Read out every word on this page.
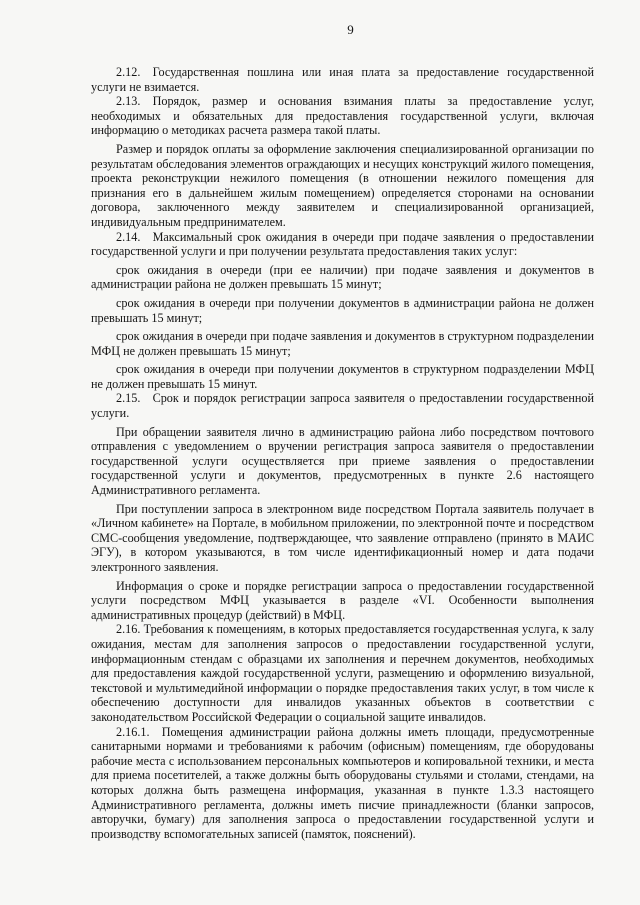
9

2.12. Государственная пошлина или иная плата за предоставление государственной услуги не взимается.

2.13. Порядок, размер и основания взимания платы за предоставление услуг, необходимых и обязательных для предоставления государственной услуги, включая информацию о методиках расчета размера такой платы.

Размер и порядок оплаты за оформление заключения специализированной организации по результатам обследования элементов ограждающих и несущих конструкций жилого помещения, проекта реконструкции нежилого помещения (в отношении нежилого помещения для признания его в дальнейшем жилым помещением) определяется сторонами на основании договора, заключенного между заявителем и специализированной организацией, индивидуальным предпринимателем.

2.14. Максимальный срок ожидания в очереди при подаче заявления о предоставлении государственной услуги и при получении результата предоставления таких услуг:

срок ожидания в очереди (при ее наличии) при подаче заявления и документов в администрации района не должен превышать 15 минут;

срок ожидания в очереди при получении документов в администрации района не должен превышать 15 минут;

срок ожидания в очереди при подаче заявления и документов в структурном подразделении МФЦ не должен превышать 15 минут;

срок ожидания в очереди при получении документов в структурном подразделении МФЦ не должен превышать 15 минут.

2.15. Срок и порядок регистрации запроса заявителя о предоставлении государственной услуги.

При обращении заявителя лично в администрацию района либо посредством почтового отправления с уведомлением о вручении регистрация запроса заявителя о предоставлении государственной услуги осуществляется при приеме заявления о предоставлении государственной услуги и документов, предусмотренных в пункте 2.6 настоящего Административного регламента.

При поступлении запроса в электронном виде посредством Портала заявитель получает в «Личном кабинете» на Портале, в мобильном приложении, по электронной почте и посредством СМС-сообщения уведомление, подтверждающее, что заявление отправлено (принято в МАИС ЭГУ), в котором указываются, в том числе идентификационный номер и дата подачи электронного заявления.

Информация о сроке и порядке регистрации запроса о предоставлении государственной услуги посредством МФЦ указывается в разделе «VI. Особенности выполнения административных процедур (действий) в МФЦ.

2.16. Требования к помещениям, в которых предоставляется государственная услуга, к залу ожидания, местам для заполнения запросов о предоставлении государственной услуги, информационным стендам с образцами их заполнения и перечнем документов, необходимых для предоставления каждой государственной услуги, размещению и оформлению визуальной, текстовой и мультимедийной информации о порядке предоставления таких услуг, в том числе к обеспечению доступности для инвалидов указанных объектов в соответствии с законодательством Российской Федерации о социальной защите инвалидов.

2.16.1. Помещения администрации района должны иметь площади, предусмотренные санитарными нормами и требованиями к рабочим (офисным) помещениям, где оборудованы рабочие места с использованием персональных компьютеров и копировальной техники, и места для приема посетителей, а также должны быть оборудованы стульями и столами, стендами, на которых должна быть размещена информация, указанная в пункте 1.3.3 настоящего Административного регламента, должны иметь писчие принадлежности (бланки запросов, авторучки, бумагу) для заполнения запроса о предоставлении государственной услуги и производству вспомогательных записей (памяток, пояснений).
